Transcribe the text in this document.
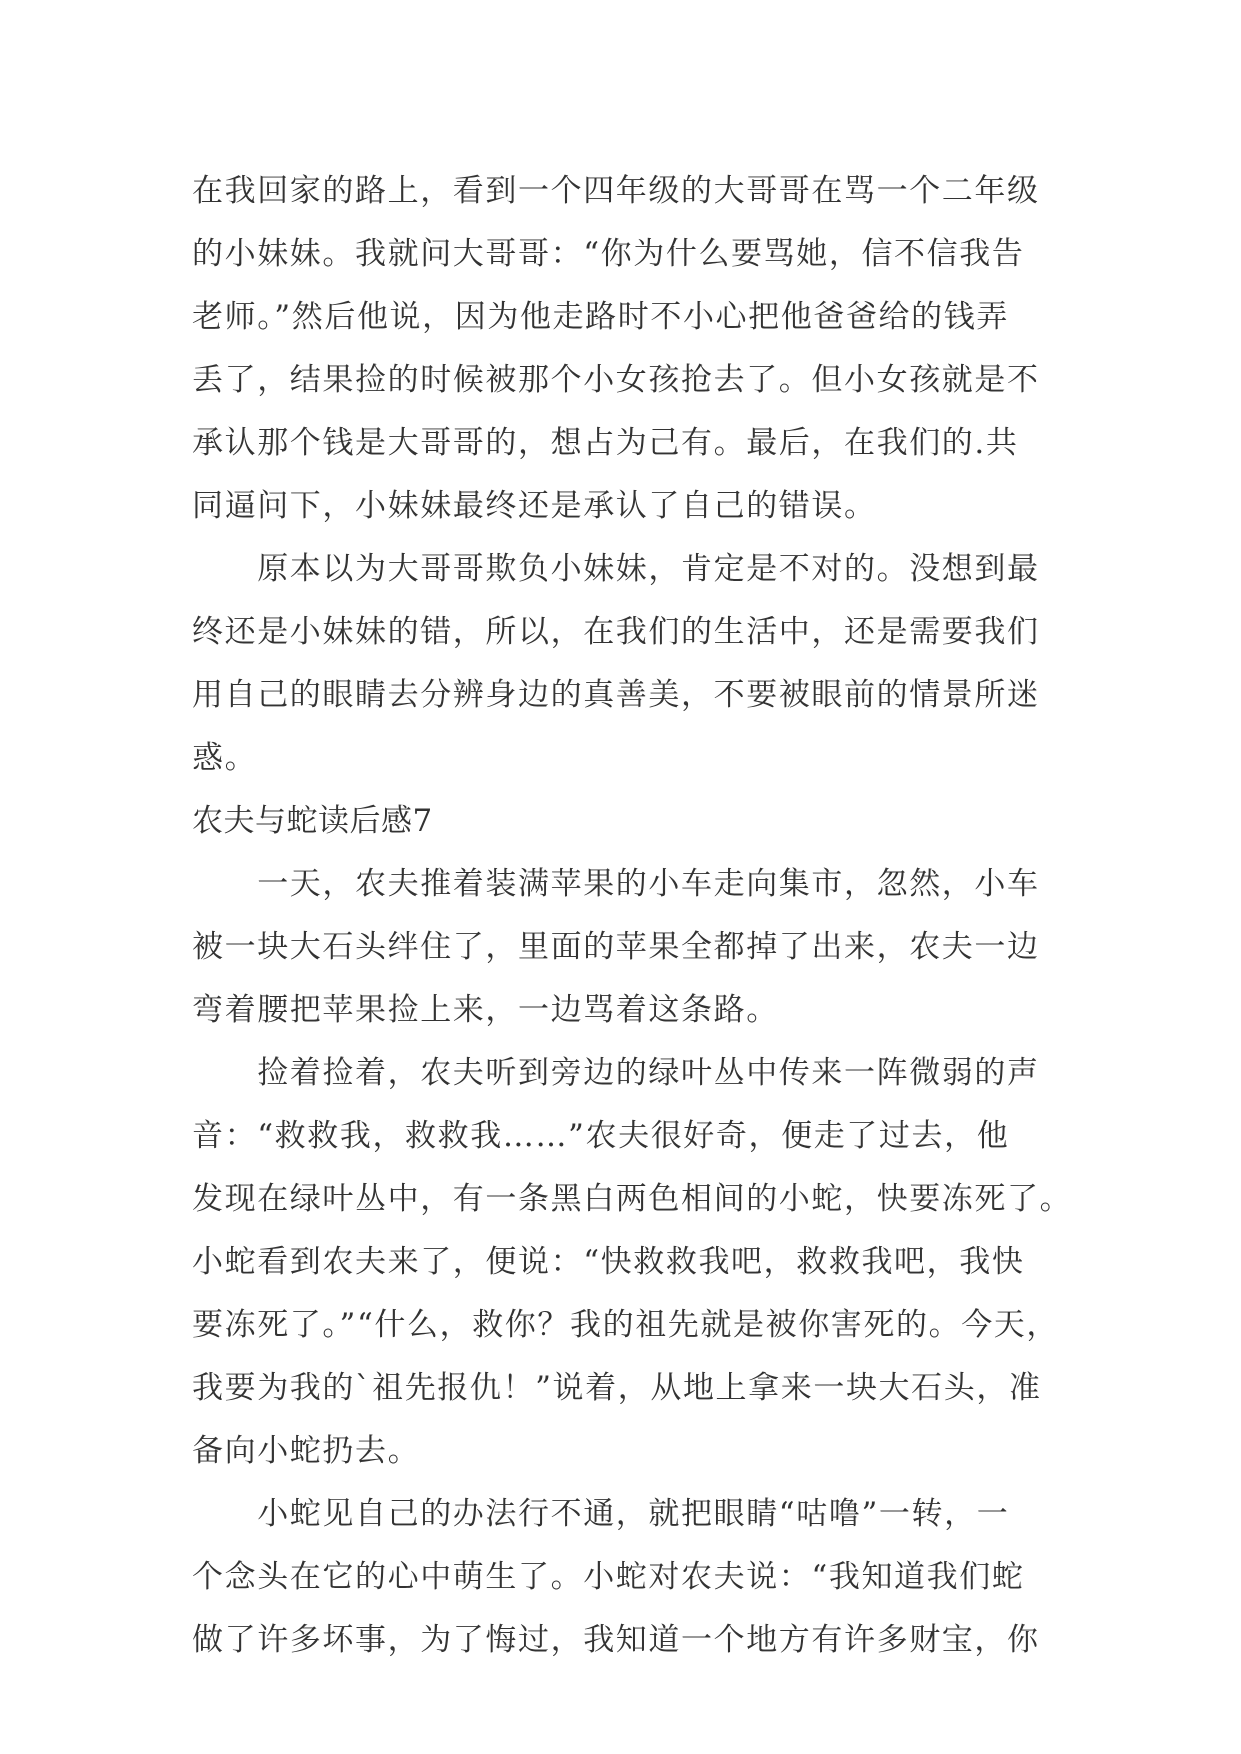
在我回家的路上，看到一个四年级的大哥哥在骂一个二年级
的小妹妹。我就问大哥哥：“你为什么要骂她，信不信我告
老师。”然后他说，因为他走路时不小心把他爸爸给的钱弄
丢了，结果捡的时候被那个小女孩抢去了。但小女孩就是不
承认那个钱是大哥哥的，想占为己有。最后，在我们的.共
同逼问下，小妹妹最终还是承认了自己的错误。
　　原本以为大哥哥欺负小妹妹，肯定是不对的。没想到最
终还是小妹妹的错，所以，在我们的生活中，还是需要我们
用自己的眼睛去分辨身边的真善美，不要被眼前的情景所迷
惑。
农夫与蛇读后感7
　　一天，农夫推着装满苹果的小车走向集市，忽然，小车
被一块大石头绊住了，里面的苹果全都掉了出来，农夫一边
弯着腰把苹果捡上来，一边骂着这条路。
　　捡着捡着，农夫听到旁边的绿叶丛中传来一阵微弱的声
音：“救救我，救救我……”农夫很好奇，便走了过去，他
发现在绿叶丛中，有一条黑白两色相间的小蛇，快要冻死了。
小蛇看到农夫来了，便说：“快救救我吧，救救我吧，我快
要冻死了。”“什么，救你？我的祖先就是被你害死的。今天，
我要为我的`祖先报仇！”说着，从地上拿来一块大石头，准
备向小蛇扔去。
　　小蛇见自己的办法行不通，就把眼睛“咕噜”一转，一
个念头在它的心中萌生了。小蛇对农夫说：“我知道我们蛇
做了许多坏事，为了悔过，我知道一个地方有许多财宝，你
